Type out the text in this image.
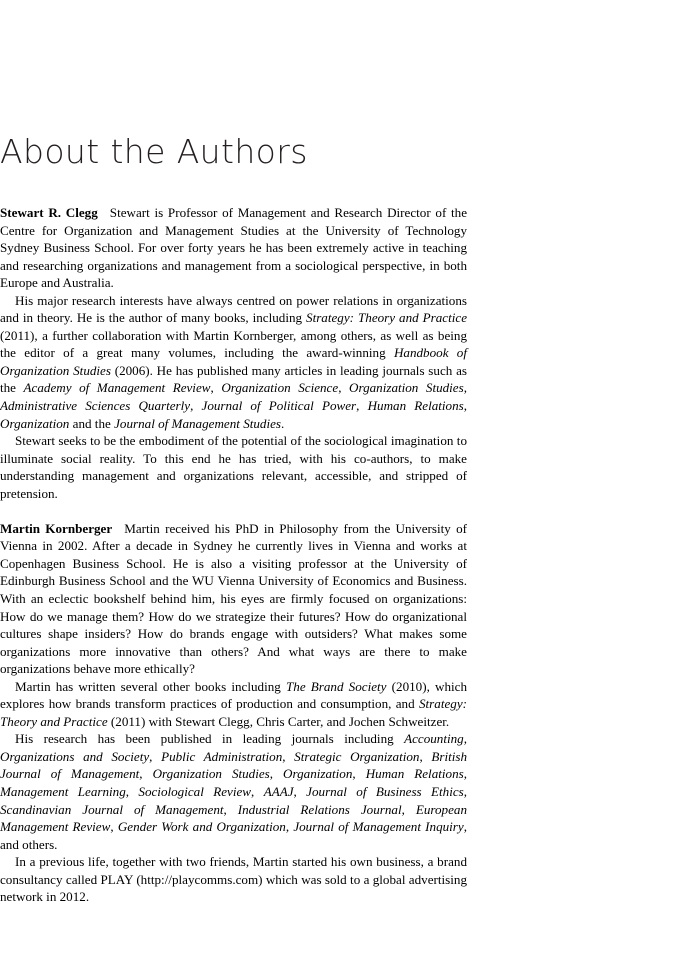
About the Authors

Stewart R. Clegg Stewart is Professor of Management and Research Director of the Centre for Organization and Management Studies at the University of Technology Sydney Business School. For over forty years he has been extremely active in teaching and researching organizations and management from a sociological perspective, in both Europe and Australia.

His major research interests have always centred on power relations in organizations and in theory. He is the author of many books, including Strategy: Theory and Practice (2011), a further collaboration with Martin Kornberger, among others, as well as being the editor of a great many volumes, including the award-winning Handbook of Organization Studies (2006). He has published many articles in leading journals such as the Academy of Management Review, Organization Science, Organization Studies, Administrative Sciences Quarterly, Journal of Political Power, Human Relations, Organization and the Journal of Management Studies.

Stewart seeks to be the embodiment of the potential of the sociological imagination to illuminate social reality. To this end he has tried, with his co-authors, to make understanding management and organizations relevant, accessible, and stripped of pretension.

Martin Kornberger Martin received his PhD in Philosophy from the University of Vienna in 2002. After a decade in Sydney he currently lives in Vienna and works at Copenhagen Business School. He is also a visiting professor at the University of Edinburgh Business School and the WU Vienna University of Economics and Business. With an eclectic bookshelf behind him, his eyes are firmly focused on organizations: How do we manage them? How do we strategize their futures? How do organizational cultures shape insiders? How do brands engage with outsiders? What makes some organizations more innovative than others? And what ways are there to make organizations behave more ethically?

Martin has written several other books including The Brand Society (2010), which explores how brands transform practices of production and consumption, and Strategy: Theory and Practice (2011) with Stewart Clegg, Chris Carter, and Jochen Schweitzer.

His research has been published in leading journals including Accounting, Organizations and Society, Public Administration, Strategic Organization, British Journal of Management, Organization Studies, Organization, Human Relations, Management Learning, Sociological Review, AAAJ, Journal of Business Ethics, Scandinavian Journal of Management, Industrial Relations Journal, European Management Review, Gender Work and Organization, Journal of Management Inquiry, and others.

In a previous life, together with two friends, Martin started his own business, a brand consultancy called PLAY (http://playcomms.com) which was sold to a global advertising network in 2012.
